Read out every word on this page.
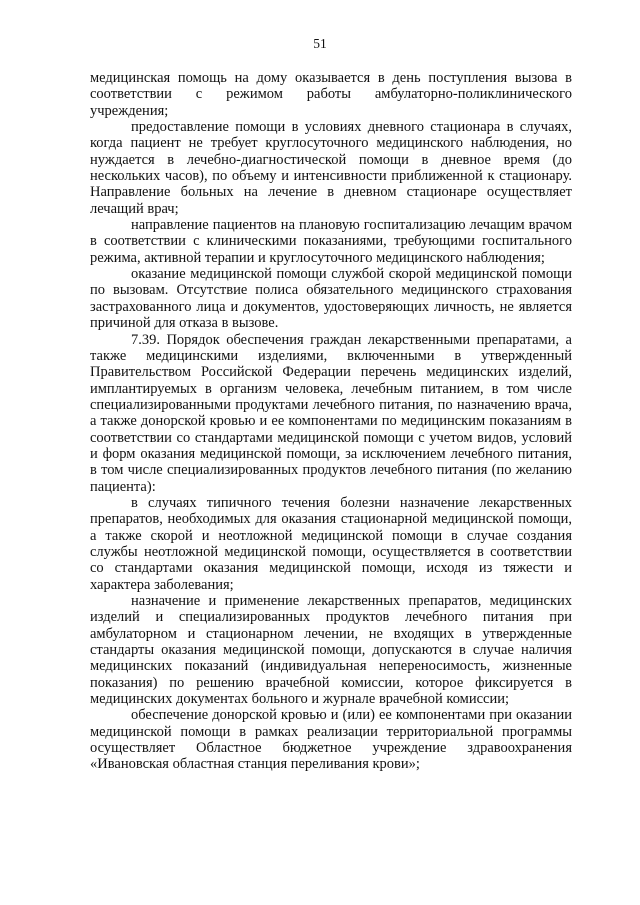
51

медицинская помощь на дому оказывается в день поступления вызова в соответствии с режимом работы амбулаторно-поликлинического учреждения;

предоставление помощи в условиях дневного стационара в случаях, когда пациент не требует круглосуточного медицинского наблюдения, но нуждается в лечебно-диагностической помощи в дневное время (до нескольких часов), по объему и интенсивности приближенной к стационару. Направление больных на лечение в дневном стационаре осуществляет лечащий врач;

направление пациентов на плановую госпитализацию лечащим врачом в соответствии с клиническими показаниями, требующими госпитального режима, активной терапии и круглосуточного медицинского наблюдения;

оказание медицинской помощи службой скорой медицинской помощи по вызовам. Отсутствие полиса обязательного медицинского страхования застрахованного лица и документов, удостоверяющих личность, не является причиной для отказа в вызове.

7.39. Порядок обеспечения граждан лекарственными препаратами, а также медицинскими изделиями, включенными в утвержденный Правительством Российской Федерации перечень медицинских изделий, имплантируемых в организм человека, лечебным питанием, в том числе специализированными продуктами лечебного питания, по назначению врача, а также донорской кровью и ее компонентами по медицинским показаниям в соответствии со стандартами медицинской помощи с учетом видов, условий и форм оказания медицинской помощи, за исключением лечебного питания, в том числе специализированных продуктов лечебного питания (по желанию пациента):

в случаях типичного течения болезни назначение лекарственных препаратов, необходимых для оказания стационарной медицинской помощи, а также скорой и неотложной медицинской помощи в случае создания службы неотложной медицинской помощи, осуществляется в соответствии со стандартами оказания медицинской помощи, исходя из тяжести и характера заболевания;

назначение и применение лекарственных препаратов, медицинских изделий и специализированных продуктов лечебного питания при амбулаторном и стационарном лечении, не входящих в утвержденные стандарты оказания медицинской помощи, допускаются в случае наличия медицинских показаний (индивидуальная непереносимость, жизненные показания) по решению врачебной комиссии, которое фиксируется в медицинских документах больного и журнале врачебной комиссии;

обеспечение донорской кровью и (или) ее компонентами при оказании медицинской помощи в рамках реализации территориальной программы осуществляет Областное бюджетное учреждение здравоохранения «Ивановская областная станция переливания крови»;
